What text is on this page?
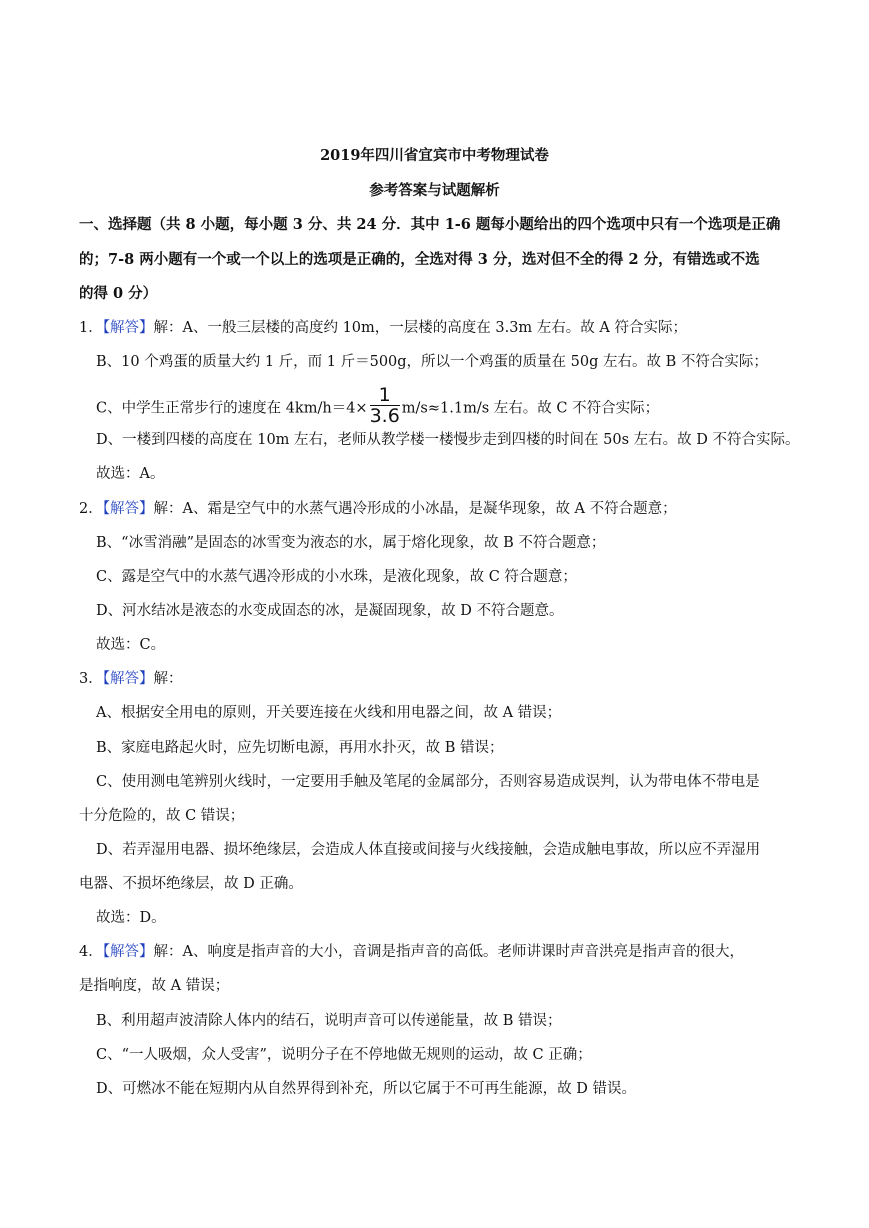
2019年四川省宜宾市中考物理试卷
参考答案与试题解析
一、选择题（共 8 小题，每小题 3 分、共 24 分．其中 1-6 题每小题给出的四个选项中只有一个选项是正确
的；7-8 两小题有一个或一个以上的选项是正确的，全选对得 3 分，选对但不全的得 2 分，有错选或不选
的得 0 分）
1．【解答】解：A、一般三层楼的高度约 10m，一层楼的高度在 3.3m 左右。故 A 符合实际；
B、10 个鸡蛋的质量大约 1 斤，而 1 斤＝500g，所以一个鸡蛋的质量在 50g 左右。故 B 不符合实际；
C、中学生正常步行的速度在 $4km/h=4\times \frac{1}{3.6} m/s\approx 1.1m/s$ 左右。故 C 不符合实际；
D、一楼到四楼的高度在 10m 左右，老师从教学楼一楼慢步走到四楼的时间在 50s 左右。故 D 不符合实际。
故选：A。
2．【解答】解：A、霜是空气中的水蒸气遇冷形成的小冰晶，是凝华现象，故 A 不符合题意；
B、“冰雪消融”是固态的冰雪变为液态的水，属于熔化现象，故 B 不符合题意；
C、露是空气中的水蒸气遇冷形成的小水珠，是液化现象，故 C 符合题意；
D、河水结冰是液态的水变成固态的冰，是凝固现象，故 D 不符合题意。
故选：C。
3．【解答】解：
A、根据安全用电的原则，开关要连接在火线和用电器之间，故 A 错误；
B、家庭电路起火时，应先切断电源，再用水扑灭，故 B 错误；
C、使用测电笔辨别火线时，一定要用手触及笔尾的金属部分，否则容易造成误判，认为带电体不带电是
十分危险的，故 C 错误；
D、若弄湿用电器、损坏绝缘层，会造成人体直接或间接与火线接触，会造成触电事故，所以应不弄湿用
电器、不损坏绝缘层，故 D 正确。
故选：D。
4．【解答】解：A、响度是指声音的大小，音调是指声音的高低。老师讲课时声音洪亮是指声音的很大，
是指响度，故 A 错误；
B、利用超声波清除人体内的结石，说明声音可以传递能量，故 B 错误；
C、“一人吸烟，众人受害”，说明分子在不停地做无规则的运动，故 C 正确；
D、可燃冰不能在短期内从自然界得到补充，所以它属于不可再生能源，故 D 错误。
